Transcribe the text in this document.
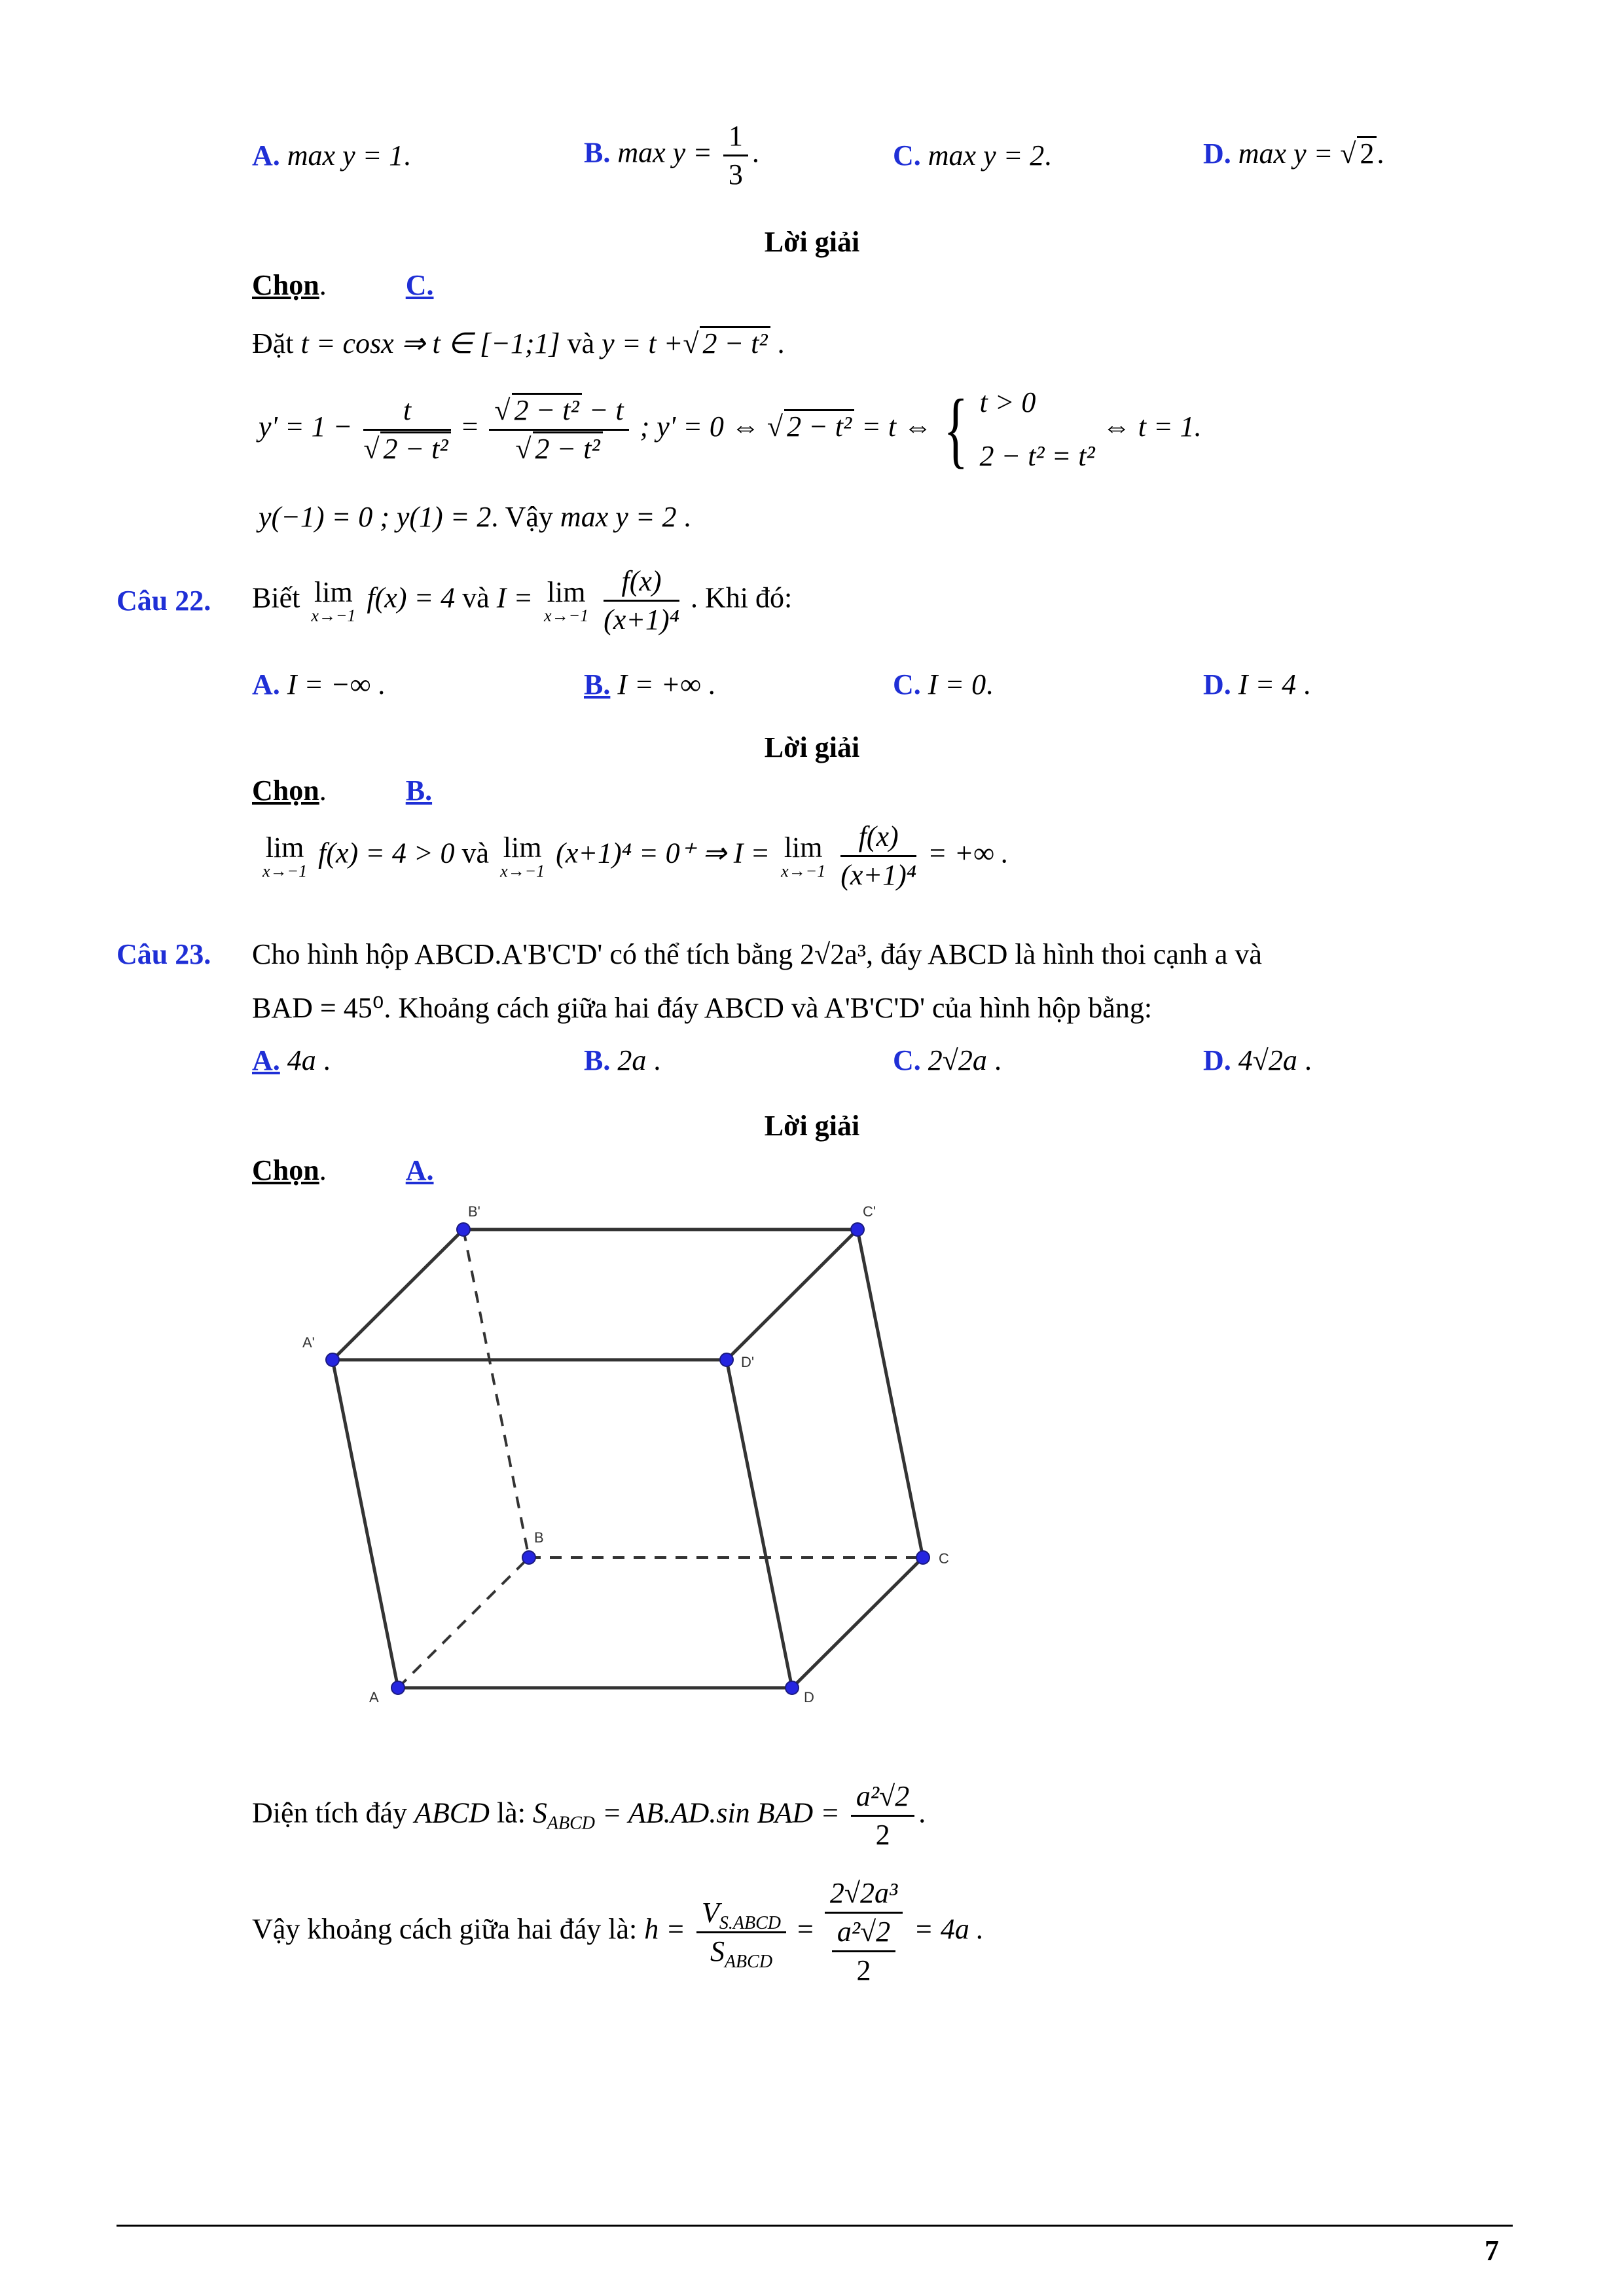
A. max y = 1.	B. $\max y = \frac{1}{3}$ .	C. max y = 2.	D. max y = √ 2.
Lời giải
Chọn.	C.
Đặt t = cosx ⇒ t ∈ [−1;1] và y = t +√ 2 − t² .
$y' = 1 - \frac{t}{\text{√ 2 − t²}} = \frac{\text{√ 2 − t² − t}}{\text{√ 2 − t²}}$ ; y' = 0 ⇔ √ 2 − t² = t ⇔ { t > 0
2 − t² = t²
⇔ t = 1.
y(−1) = 0 ; y(1) = 2. Vậy max y = 2 .
Câu 22. Biết lim
x→−1
f(x) = 4 và I = lim
x→−1
$\frac{f(x)}{\text{(x+1)⁴}}$ . Khi đó:
A. I = −∞ .	B. I = +∞ .	C. I = 0.	D. I = 4 .
Lời giải
Chọn.	B.
lim
x→−1
f(x) = 4 > 0 và lim
x→−1
(x+1)⁴ = 0⁺ ⇒ I = lim
x→−1
$\frac{f(x)}{\text{(x+1)⁴}}$ = +∞ .
Câu 23. Cho hình hộp ABCD.A'B'C'D' có thể tích bằng 2√2a³, đáy ABCD là hình thoi cạnh a và
BAD = 45⁰. Khoảng cách giữa hai đáy ABCD và A'B'C'D' của hình hộp bằng:
A. 4a .	B. 2a .	C. 2√2a .	D. 4√2a .
Lời giải
Chọn.	A.
A'
B'	C'
D'
A
B
C
D
Diện tích đáy ABCD là: $S_{ABCD} = AB.AD.\sin$ BAD = $\frac{\text{a²√2}}{2}$ .
Vậy khoảng cách giữa hai đáy là: $h = \frac{V_{S.ABCD}}{S_{ABCD}} = \frac{\text{2√2a³}}{\frac{\text{a²√2}}{2}} = 4a$ .
7
